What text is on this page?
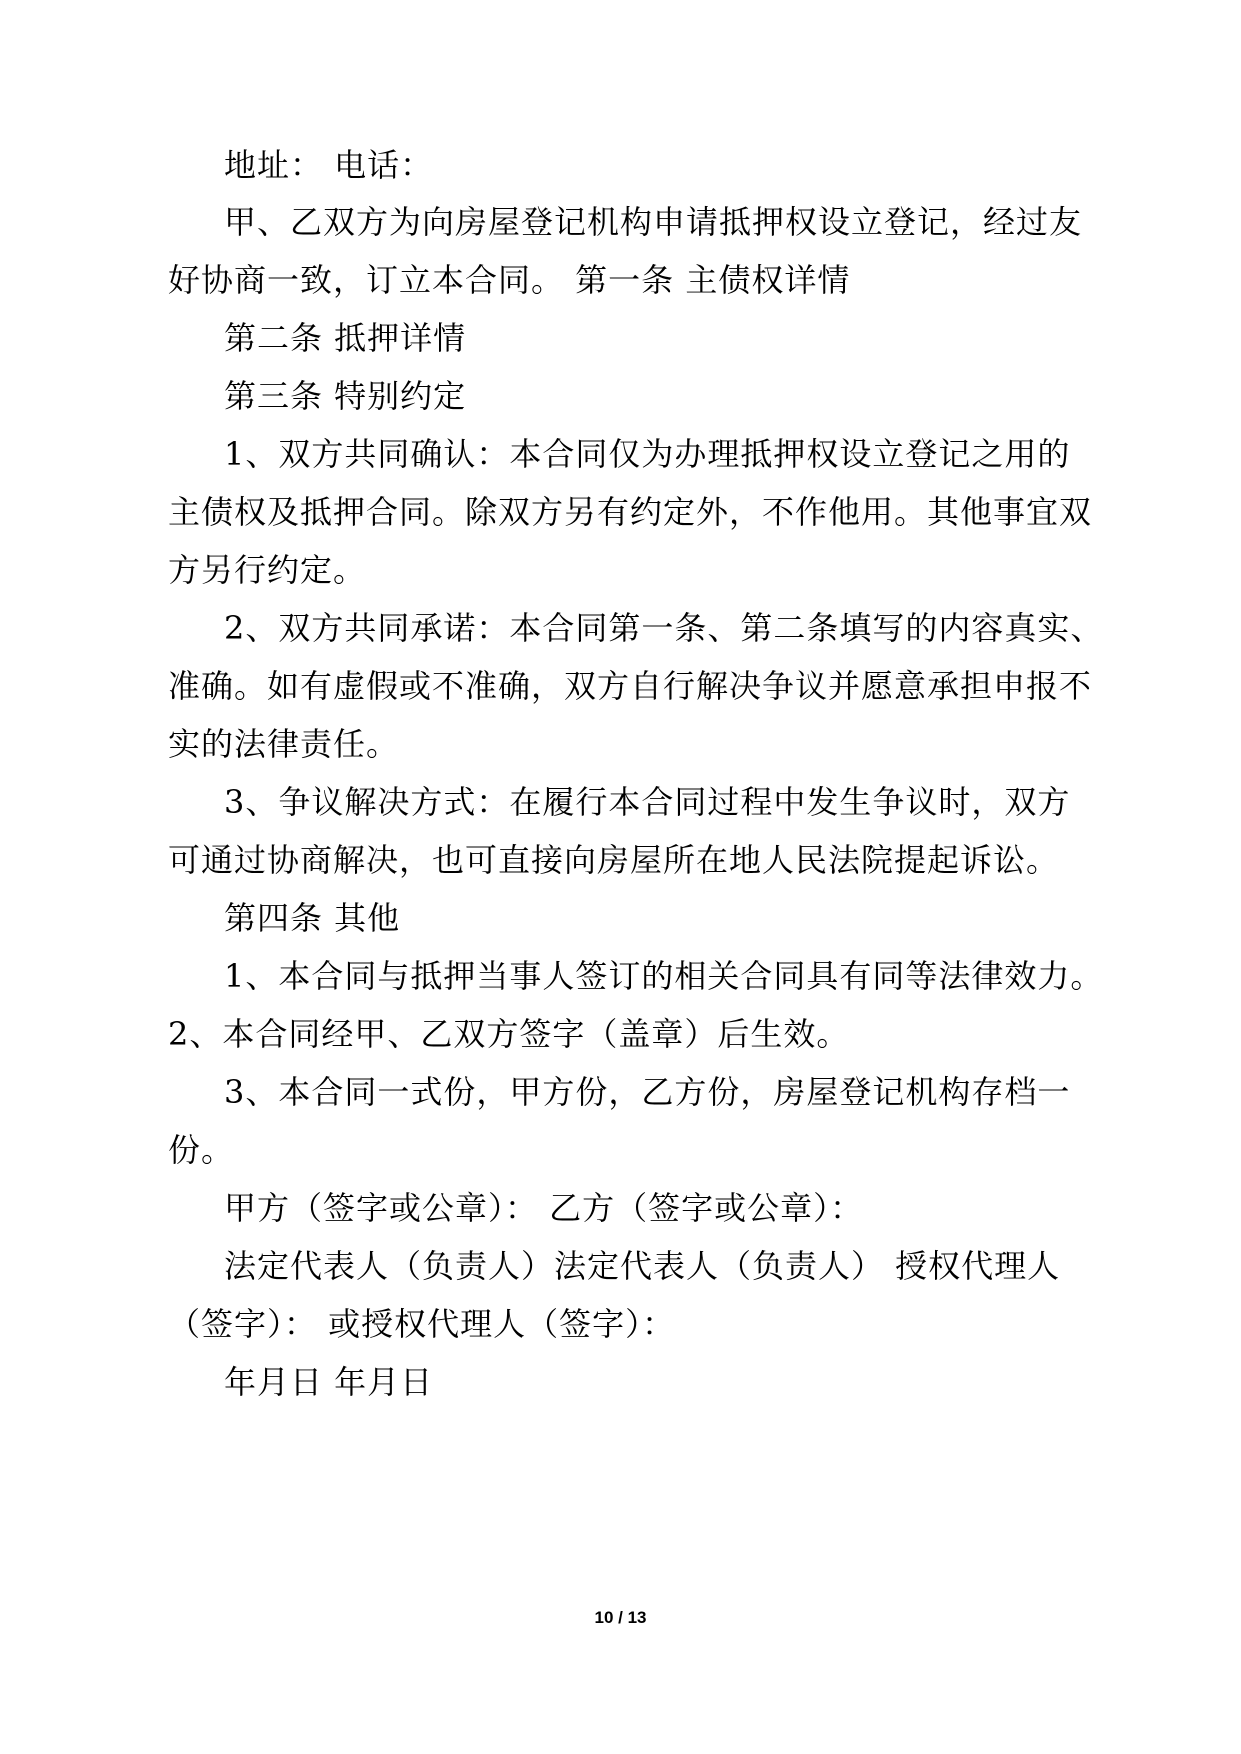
地址： 电话：
甲、乙双方为向房屋登记机构申请抵押权设立登记，经过友
好协商一致，订立本合同。 第一条 主债权详情
第二条 抵押详情
第三条 特别约定
1、双方共同确认：本合同仅为办理抵押权设立登记之用的
主债权及抵押合同。除双方另有约定外，不作他用。其他事宜双
方另行约定。
2、双方共同承诺：本合同第一条、第二条填写的内容真实、
准确。如有虚假或不准确，双方自行解决争议并愿意承担申报不
实的法律责任。
3、争议解决方式：在履行本合同过程中发生争议时，双方
可通过协商解决，也可直接向房屋所在地人民法院提起诉讼。
第四条 其他
1、本合同与抵押当事人签订的相关合同具有同等法律效力。
2、本合同经甲、乙双方签字（盖章）后生效。
3、本合同一式份，甲方份，乙方份，房屋登记机构存档一
份。
甲方（签字或公章）： 乙方（签字或公章）：
法定代表人（负责人）法定代表人（负责人） 授权代理人
（签字）： 或授权代理人（签字）：
年月日 年月日
10 / 13
